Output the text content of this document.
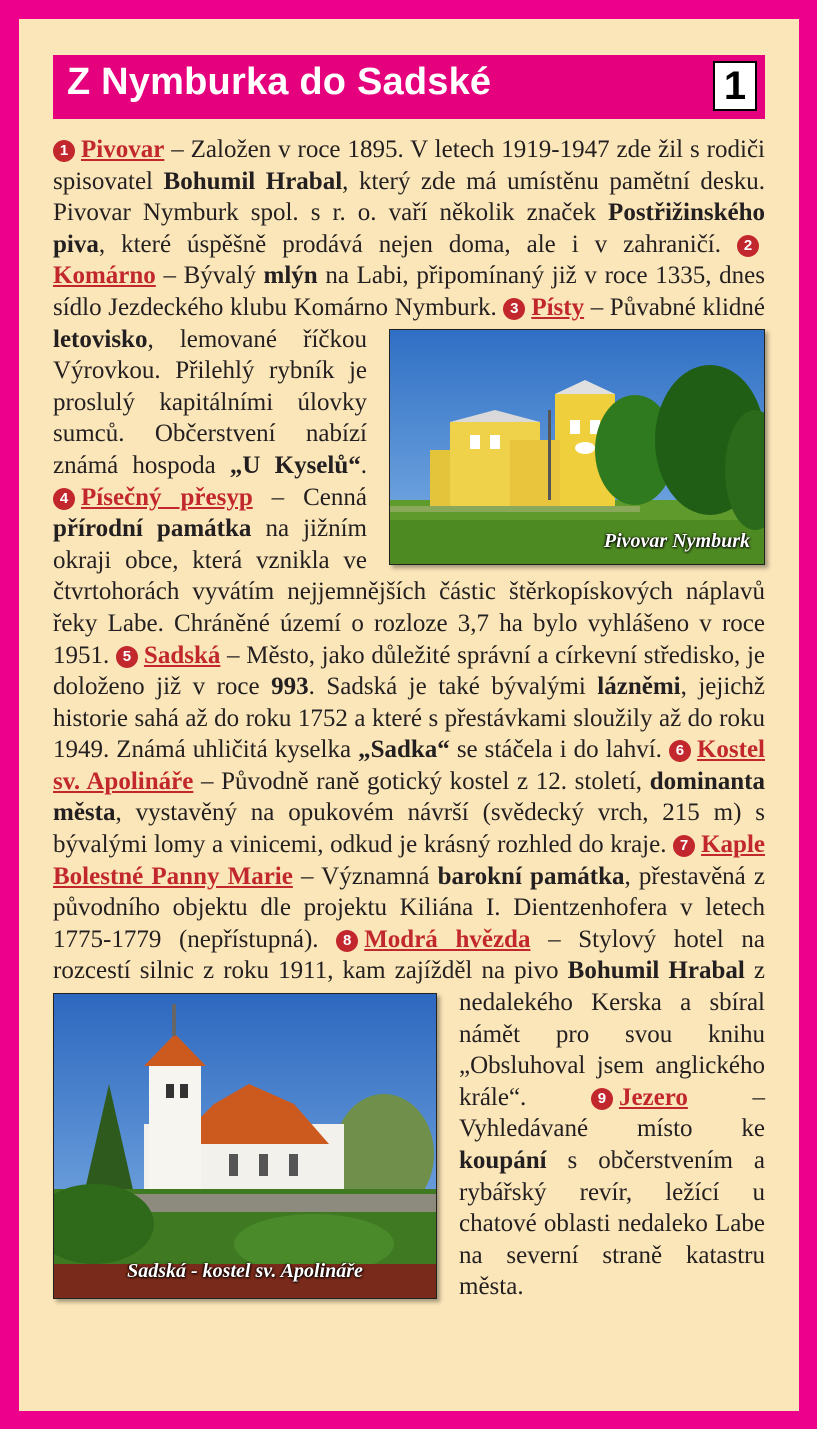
Z Nymburka do Sadské	1

1 Pivovar – Založen v roce 1895. V letech 1919-1947 zde žil s rodiči spisovatel Bohumil Hrabal, který zde má umístěnu pamětní desku. Pivovar Nymburk spol. s r. o. vaří několik značek Postřižinského piva, které úspěšně prodává nejen doma, ale i v zahraničí. 2Komárno – Bývalý mlýn na Labi, připomínaný již v roce 1335, dnes sídlo Jezdeckého klubu Komárno Nymburk.
Pivovar Nymburk
3 Písty – Půvabné klidné letovisko, lemované říčkou Výrovkou. Přilehlý rybník je proslulý kapitálními úlovky sumců. Občerstvení nabízí známá hospoda „U Kyselů“. 4 Písečný přesyp – Cenná přírodní památka na jižním okraji obce, která vznikla ve čtvrtohorách vyvátím nejjemnějších částic štěrkopískových náplavů řeky Labe. Chráněné území o rozloze 3,7 ha bylo vyhlášeno v roce 1951. 5 Sadská – Město, jako důležité správní a církevní středisko, je doloženo již v roce 993. Sadská je také bývalými lázněmi, jejichž historie sahá až do roku 1752 a které s přestávkami sloužily až do roku 1949. Známá uhličitá kyselka „Sadka“ se stáčela i do lahví. 6 Kostel sv. Apolináře – Původně raně gotický kostel z 12. století, dominanta města, vystavěný na opukovém návrší (svědecký vrch, 215 m) s bývalými lomy a vinicemi, odkud je krásný rozhled do kraje. 7 Kaple Bolestné Panny Marie – Významná barokní památka, přestavěná z původního objektu dle projektu Kiliána I. Dientzenhofera v letech 1775-1779 (nepřístupná). 8 Modrá hvězda – Stylový hotel na rozcestí silnic z roku 1911, kam zajížděl na pivo Bohumil Hrabal
Sadská - kostel sv. Apolináře
z nedalekého Kerska a sbíral námět pro svou knihu „Obsluhoval jsem anglického krále“. 9 Jezero – Vyhledávané místo ke koupání s občerstvením a rybářský revír, ležící u chatové oblasti nedaleko Labe na severní straně katastru města.
